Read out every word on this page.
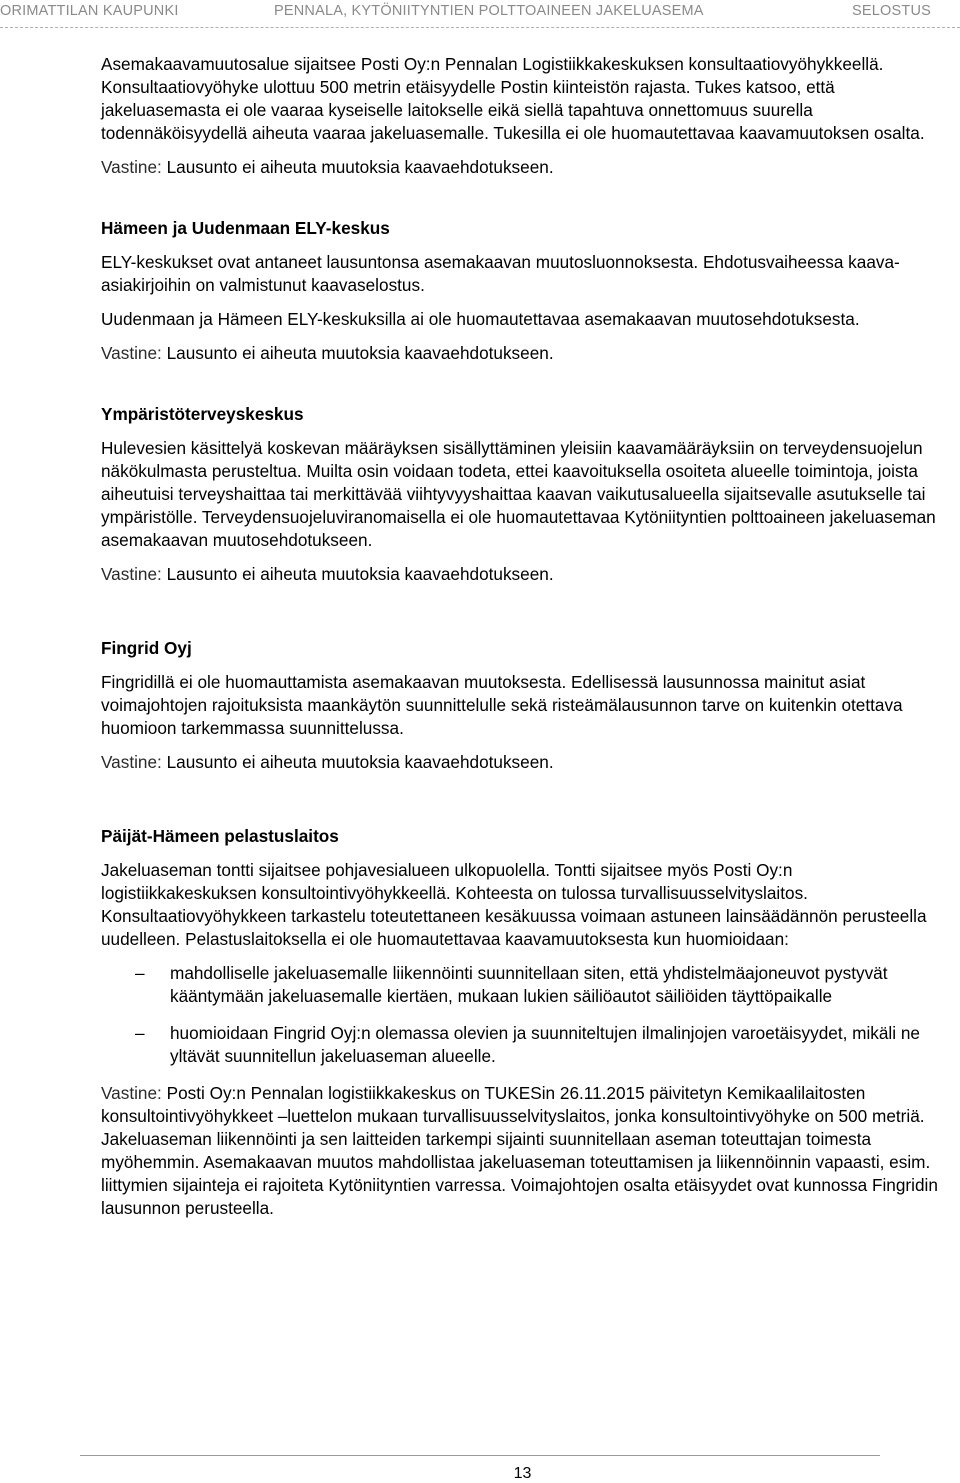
ORIMATTILAN KAUPUNKI	PENNALA, KYTÖNIITYNTIEN POLTTOAINEEN JAKELUASEMA	SELOSTUS

Asemakaavamuutosalue sijaitsee Posti Oy:n Pennalan Logistiikkakeskuksen konsultaatiovyöhykkeellä. Konsultaatiovyöhyke ulottuu 500 metrin etäisyydelle Postin kiinteistön rajasta. Tukes katsoo, että jakeluasemasta ei ole vaaraa kyseiselle laitokselle eikä siellä tapahtuva onnettomuus suurella todennäköisyydellä aiheuta vaaraa jakeluasemalle. Tukesilla ei ole huomautettavaa kaavamuutoksen osalta.

Vastine: Lausunto ei aiheuta muutoksia kaavaehdotukseen.

Hämeen ja Uudenmaan ELY-keskus

ELY-keskukset ovat antaneet lausuntonsa asemakaavan muutosluonnoksesta. Ehdotusvaiheessa kaava-asiakirjoihin on valmistunut kaavaselostus.

Uudenmaan ja Hämeen ELY-keskuksilla ai ole huomautettavaa asemakaavan muutosehdotuksesta.

Vastine: Lausunto ei aiheuta muutoksia kaavaehdotukseen.

Ympäristöterveyskeskus

Hulevesien käsittelyä koskevan määräyksen sisällyttäminen yleisiin kaavamääräyksiin on terveydensuojelun näkökulmasta perusteltua. Muilta osin voidaan todeta, ettei kaavoituksella osoiteta alueelle toimintoja, joista aiheutuisi terveyshaittaa tai merkittävää viihtyvyyshaittaa kaavan vaikutusalueella sijaitsevalle asutukselle tai ympäristölle. Terveydensuojeluviranomaisella ei ole huomautettavaa Kytöniityntien polttoaineen jakeluaseman asemakaavan muutosehdotukseen.

Vastine: Lausunto ei aiheuta muutoksia kaavaehdotukseen.

Fingrid Oyj

Fingridillä ei ole huomauttamista asemakaavan muutoksesta. Edellisessä lausunnossa mainitut asiat voimajohtojen rajoituksista maankäytön suunnittelulle sekä risteämälausunnon tarve on kuitenkin otettava huomioon tarkemmassa suunnittelussa.

Vastine: Lausunto ei aiheuta muutoksia kaavaehdotukseen.

Päijät-Hämeen pelastuslaitos

Jakeluaseman tontti sijaitsee pohjavesialueen ulkopuolella. Tontti sijaitsee myös Posti Oy:n logistiikkakeskuksen konsultointivyöhykkeellä. Kohteesta on tulossa turvallisuusselvityslaitos. Konsultaatiovyöhykkeen tarkastelu toteutettaneen kesäkuussa voimaan astuneen lainsäädännön perusteella uudelleen. Pelastuslaitoksella ei ole huomautettavaa kaavamuutoksesta kun huomioidaan:

– mahdolliselle jakeluasemalle liikennöinti suunnitellaan siten, että yhdistelmäajoneuvot pystyvät kääntymään jakeluasemalle kiertäen, mukaan lukien säiliöautot säiliöiden täyttöpaikalle
– huomioidaan Fingrid Oyj:n olemassa olevien ja suunniteltujen ilmalinjojen varoetäisyydet, mikäli ne yltävät suunnitellun jakeluaseman alueelle.

Vastine: Posti Oy:n Pennalan logistiikkakeskus on TUKESin 26.11.2015 päivitetyn Kemikaalilaitosten konsultointivyöhykkeet –luettelon mukaan turvallisuusselvityslaitos, jonka konsultointivyöhyke on 500 metriä. Jakeluaseman liikennöinti ja sen laitteiden tarkempi sijainti suunnitellaan aseman toteuttajan toimesta myöhemmin. Asemakaavan muutos mahdollistaa jakeluaseman toteuttamisen ja liikennöinnin vapaasti, esim. liittymien sijainteja ei rajoiteta Kytöniityntien varressa. Voimajohtojen osalta etäisyydet ovat kunnossa Fingridin lausunnon perusteella.

13
